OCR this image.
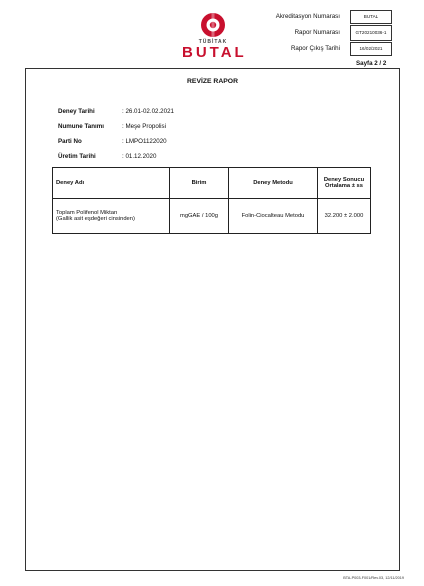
TÜBİTAK
BUTAL
Akreditasyon Numarası	BUTAL
Rapor Numarası	GT20210036-1
Rapor Çıkış Tarihi	16/02/2021
Sayfa 2 / 2
REVİZE RAPOR
Deney Tarihi	: 26.01-02.02.2021
Numune Tanımı	: Meşe Propolisi
Parti No	: LMPO1122020
Üretim Tarihi	: 01.12.2020
Deney Adı	Birim	Deney Metodu	Deney Sonucu Ortalama ± ss

Toplam Polifenol Miktarı
(Gallik asit eşdeğeri cinsinden)	mgGAE / 100g	Folin-Ciocalteau Metodu	32.200 ± 2.000
BTA-P003-F001/Rev.03, 12/11/2019
